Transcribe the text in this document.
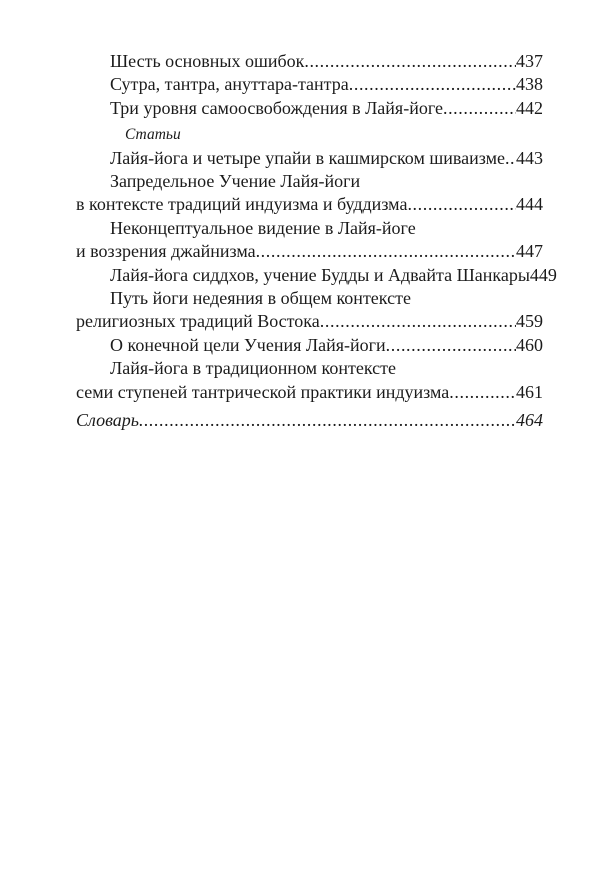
Шесть основных ошибок .....	437
Сутра, тантра, ануттара-тантра .....	438
Три уровня самоосвобождения в Лайя-йоге .....	442
Статьи
Лайя-йога и четыре упайи в кашмирском шиваизме ..... 443
Запредельное Учение Лайя-йоги
в контексте традиций индуизма и буддизма .....	444
Неконцептуальное видение в Лайя-йоге
и воззрения джайнизма .....	447
Лайя-йога сиддхов, учение Будды и Адвайта Шанкары 449
Путь йоги недеяния в общем контексте
религиозных традиций Востока .....	459
О конечной цели Учения Лайя-йоги .....	460
Лайя-йога в традиционном контексте
семи ступеней тантрической практики индуизма .....	461
Словарь .....	464
